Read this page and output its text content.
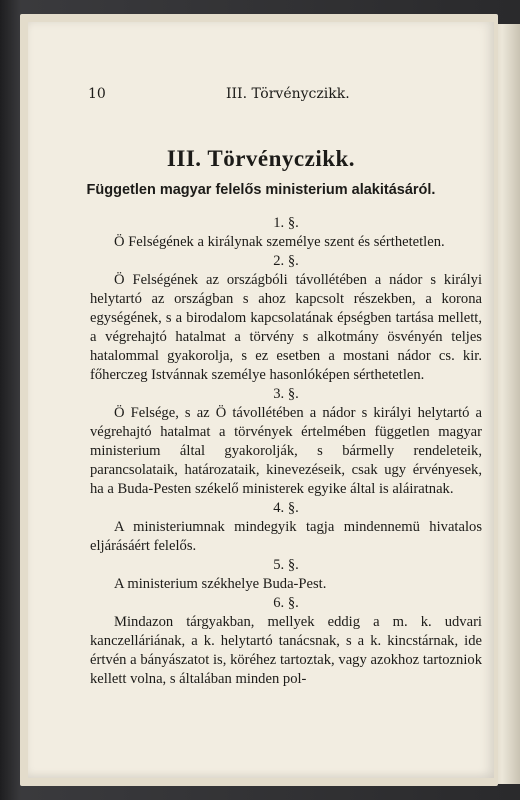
10	III. Törvényczikk.
III. Törvényczikk.
Független magyar felelős ministerium alakitásáról.

1. §.

Ö Felségének a királynak személye szent és sérthetetlen.

2. §.

Ö Felségének az országbóli távollétében a nádor s királyi helytartó az országban s ahoz kapcsolt részekben, a korona egységének, s a birodalom kapcsolatának épségben tartása mellett, a végrehajtó hatalmat a törvény s alkotmány ösvényén teljes hatalommal gyakorolja, s ez esetben a mostani nádor cs. kir. főherczeg Istvánnak személye hasonlóképen sérthetetlen.

3. §.

Ö Felsége, s az Ö távollétében a nádor s királyi helytartó a végrehajtó hatalmat a törvények értelmében független magyar ministerium által gyakorolják, s bármelly rendeleteik, parancsolataik, határozataik, kinevezéseik, csak ugy érvényesek, ha a Buda-Pesten székelő ministerek egyike által is aláiratnak.

4. §.

A ministeriumnak mindegyik tagja mindennemü hivatalos eljárásáért felelős.

5. §.

A ministerium székhelye Buda-Pest.

6. §.

Mindazon tárgyakban, mellyek eddig a m. k. udvari kanczelláriának, a k. helytartó tanácsnak, s a k. kincstárnak, ide értvén a bányászatot is, köréhez tartoztak, vagy azokhoz tartozniok kellett volna, s általában minden pol-
